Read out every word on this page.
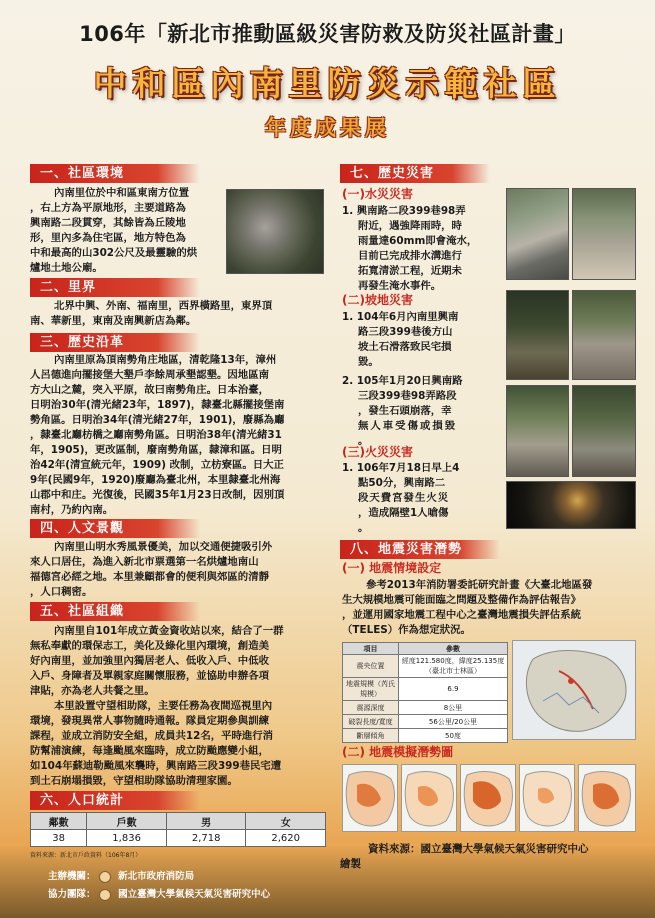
106年「新北市推動區級災害防救及防災社區計畫」
中和區內南里防災示範社區
年度成果展
一、社區環境
內南里位於中和區東南方位置
，右上方為平原地形，主要道路為
興南路二段貫穿，其餘皆為丘陵地
形，里內多為住宅區，地方特色為
中和最高的山302公尺及最靈驗的烘
爐地土地公廟。
二、里界
北界中興、外南、福南里，西界橫路里，東界頂
南、華新里，東南及南興新店為鄰。
三、歷史沿革
內南里原為頂南勢角庄地區，清乾隆13年，漳州
人呂德進向擺接堡大墾戶李餘周承墾認墾。因地區南
方大山之麓，突入平原，故曰南勢角庄。日本治臺，
日明治30年(清光緒23年，1897)，隸臺北縣擺接堡南
勢角區。日明治34年(清光緒27年，1901)，廢縣為廳
，隸臺北廳枋橋之廳南勢角區。日明治38年(清光緒31
年，1905)，更改區制，廢南勢角區，隸漳和區。日明
治42年(清宣統元年，1909) 改制，立枋寮區。日大正
9年(民國9年，1920)廢廳為臺北州，本里隸臺北州海
山郡中和庄。光復後，民國35年1月23日改制，因別頂
南村，乃約內南。
四、人文景觀
內南里山明水秀風景優美，加以交通便捷吸引外
來人口居住，為進入新北市票選第一名烘爐地南山
福德宮必經之地。本里兼顧都會的便利與郊區的清靜
，人口稠密。
五、社區組織
內南里自101年成立黃金資收站以來，結合了一群
無私奉獻的環保志工，美化及綠化里內環境，創造美
好內南里，並加強里內獨居老人、低收入戶、中低收
入戶、身障者及單親家庭關懷服務，並協助申辦各項
津貼，亦為老人共餐之里。
本里設置守望相助隊，主要任務為夜間巡視里內
環境，發現異常人事物隨時通報。隊員定期參與訓練
課程，並成立消防安全組，成員共12名，平時進行消
防幫浦演練，每逢颱風來臨時，成立防颱應變小組，
如104年蘇迪勒颱風來襲時，興南路三段399巷民宅遭
到土石崩塌損毀，守望相助隊協助清理家園。
六、人口統計
鄰數	戶數	男	女
38	1,836	2,718	2,620
資料來源：新北市戶政資料（106年8月）
七、歷史災害
(一)水災災害
1. 興南路二段399巷98弄
附近，遇強降雨時，時
雨量達60mm即會淹水，
目前已完成排水溝進行
拓寬清淤工程，近期未
再發生淹水事件。
(二)坡地災害
1. 104年6月內南里興南
路三段399巷後方山
坡土石滑落致民宅損
毀。
2. 105年1月20日興南路
三段399巷98弄路段
，發生石頭崩落，幸
無人車受傷或損毀
。
(三)火災災害
1. 106年7月18日早上4
點50分，興南路二
段天費宮發生火災
，造成隔壁1人嗆傷
。
八、地震災害潛勢
(一) 地震情境設定
參考2013年消防署委託研究計畫《大臺北地區發
生大規模地震可能面臨之問題及整備作為評估報告》
，並運用國家地震工程中心之臺灣地震損失評估系統
（TELES）作為想定狀況。
項目	參數
震央位置	經度121.580度，緯度25.135度（臺北市士林區）
地震規模（芮氏規模）	6.9
震源深度	8公里
破裂長度/寬度	56公里/20公里
斷層傾角	50度
(二) 地震模擬潛勢圖
資料來源：國立臺灣大學氣候天氣災害研究中心
繪製
主辦機關： 新北市政府消防局
協力團隊： 國立臺灣大學氣候天氣災害研究中心
